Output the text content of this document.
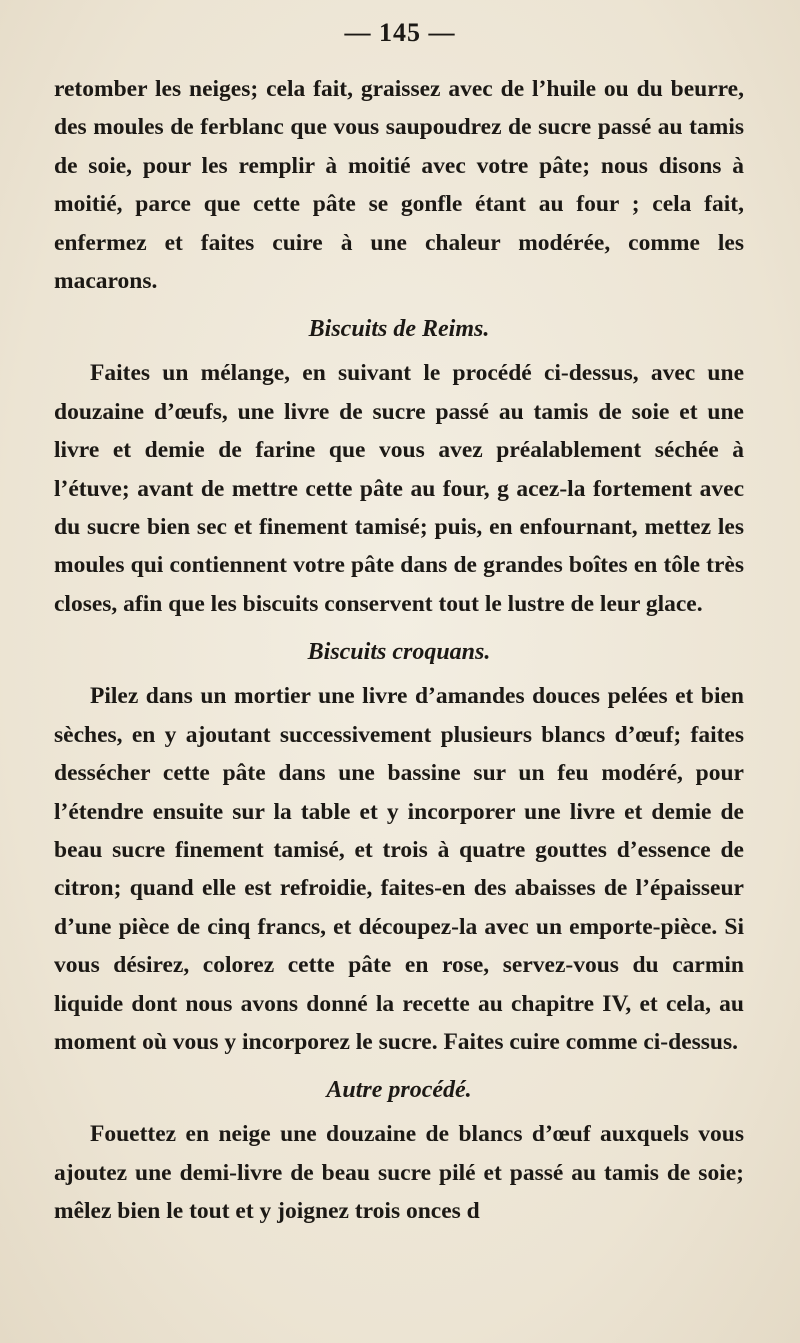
— 145 —

retomber les neiges; cela fait, graissez avec de l’huile ou du beurre, des moules de ferblanc que vous saupoudrez de sucre passé au tamis de soie, pour les remplir à moitié avec votre pâte; nous disons à moitié, parce que cette pâte se gonfle étant au four ; cela fait, enfermez et faites cuire à une chaleur modérée, comme les macarons.

Biscuits de Reims.

Faites un mélange, en suivant le procédé ci-dessus, avec une douzaine d’œufs, une livre de sucre passé au tamis de soie et une livre et demie de farine que vous avez préalablement séchée à l’étuve; avant de mettre cette pâte au four, g acez-la fortement avec du sucre bien sec et finement tamisé; puis, en enfournant, mettez les moules qui contiennent votre pâte dans de grandes boîtes en tôle très closes, afin que les biscuits conservent tout le lustre de leur glace.

Biscuits croquans.

Pilez dans un mortier une livre d’amandes douces pelées et bien sèches, en y ajoutant successivement plusieurs blancs d’œuf; faites dessécher cette pâte dans une bassine sur un feu modéré, pour l’étendre ensuite sur la table et y incorporer une livre et demie de beau sucre finement tamisé, et trois à quatre gouttes d’essence de citron; quand elle est refroidie, faites-en des abaisses de l’épaisseur d’une pièce de cinq francs, et découpez-la avec un emporte-pièce. Si vous désirez, colorez cette pâte en rose, servez-vous du carmin liquide dont nous avons donné la recette au chapitre IV, et cela, au moment où vous y incorporez le sucre. Faites cuire comme ci-dessus.

Autre procédé.

Fouettez en neige une douzaine de blancs d’œuf auxquels vous ajoutez une demi-livre de beau sucre pilé et passé au tamis de soie; mêlez bien le tout et y joignez trois onces d
